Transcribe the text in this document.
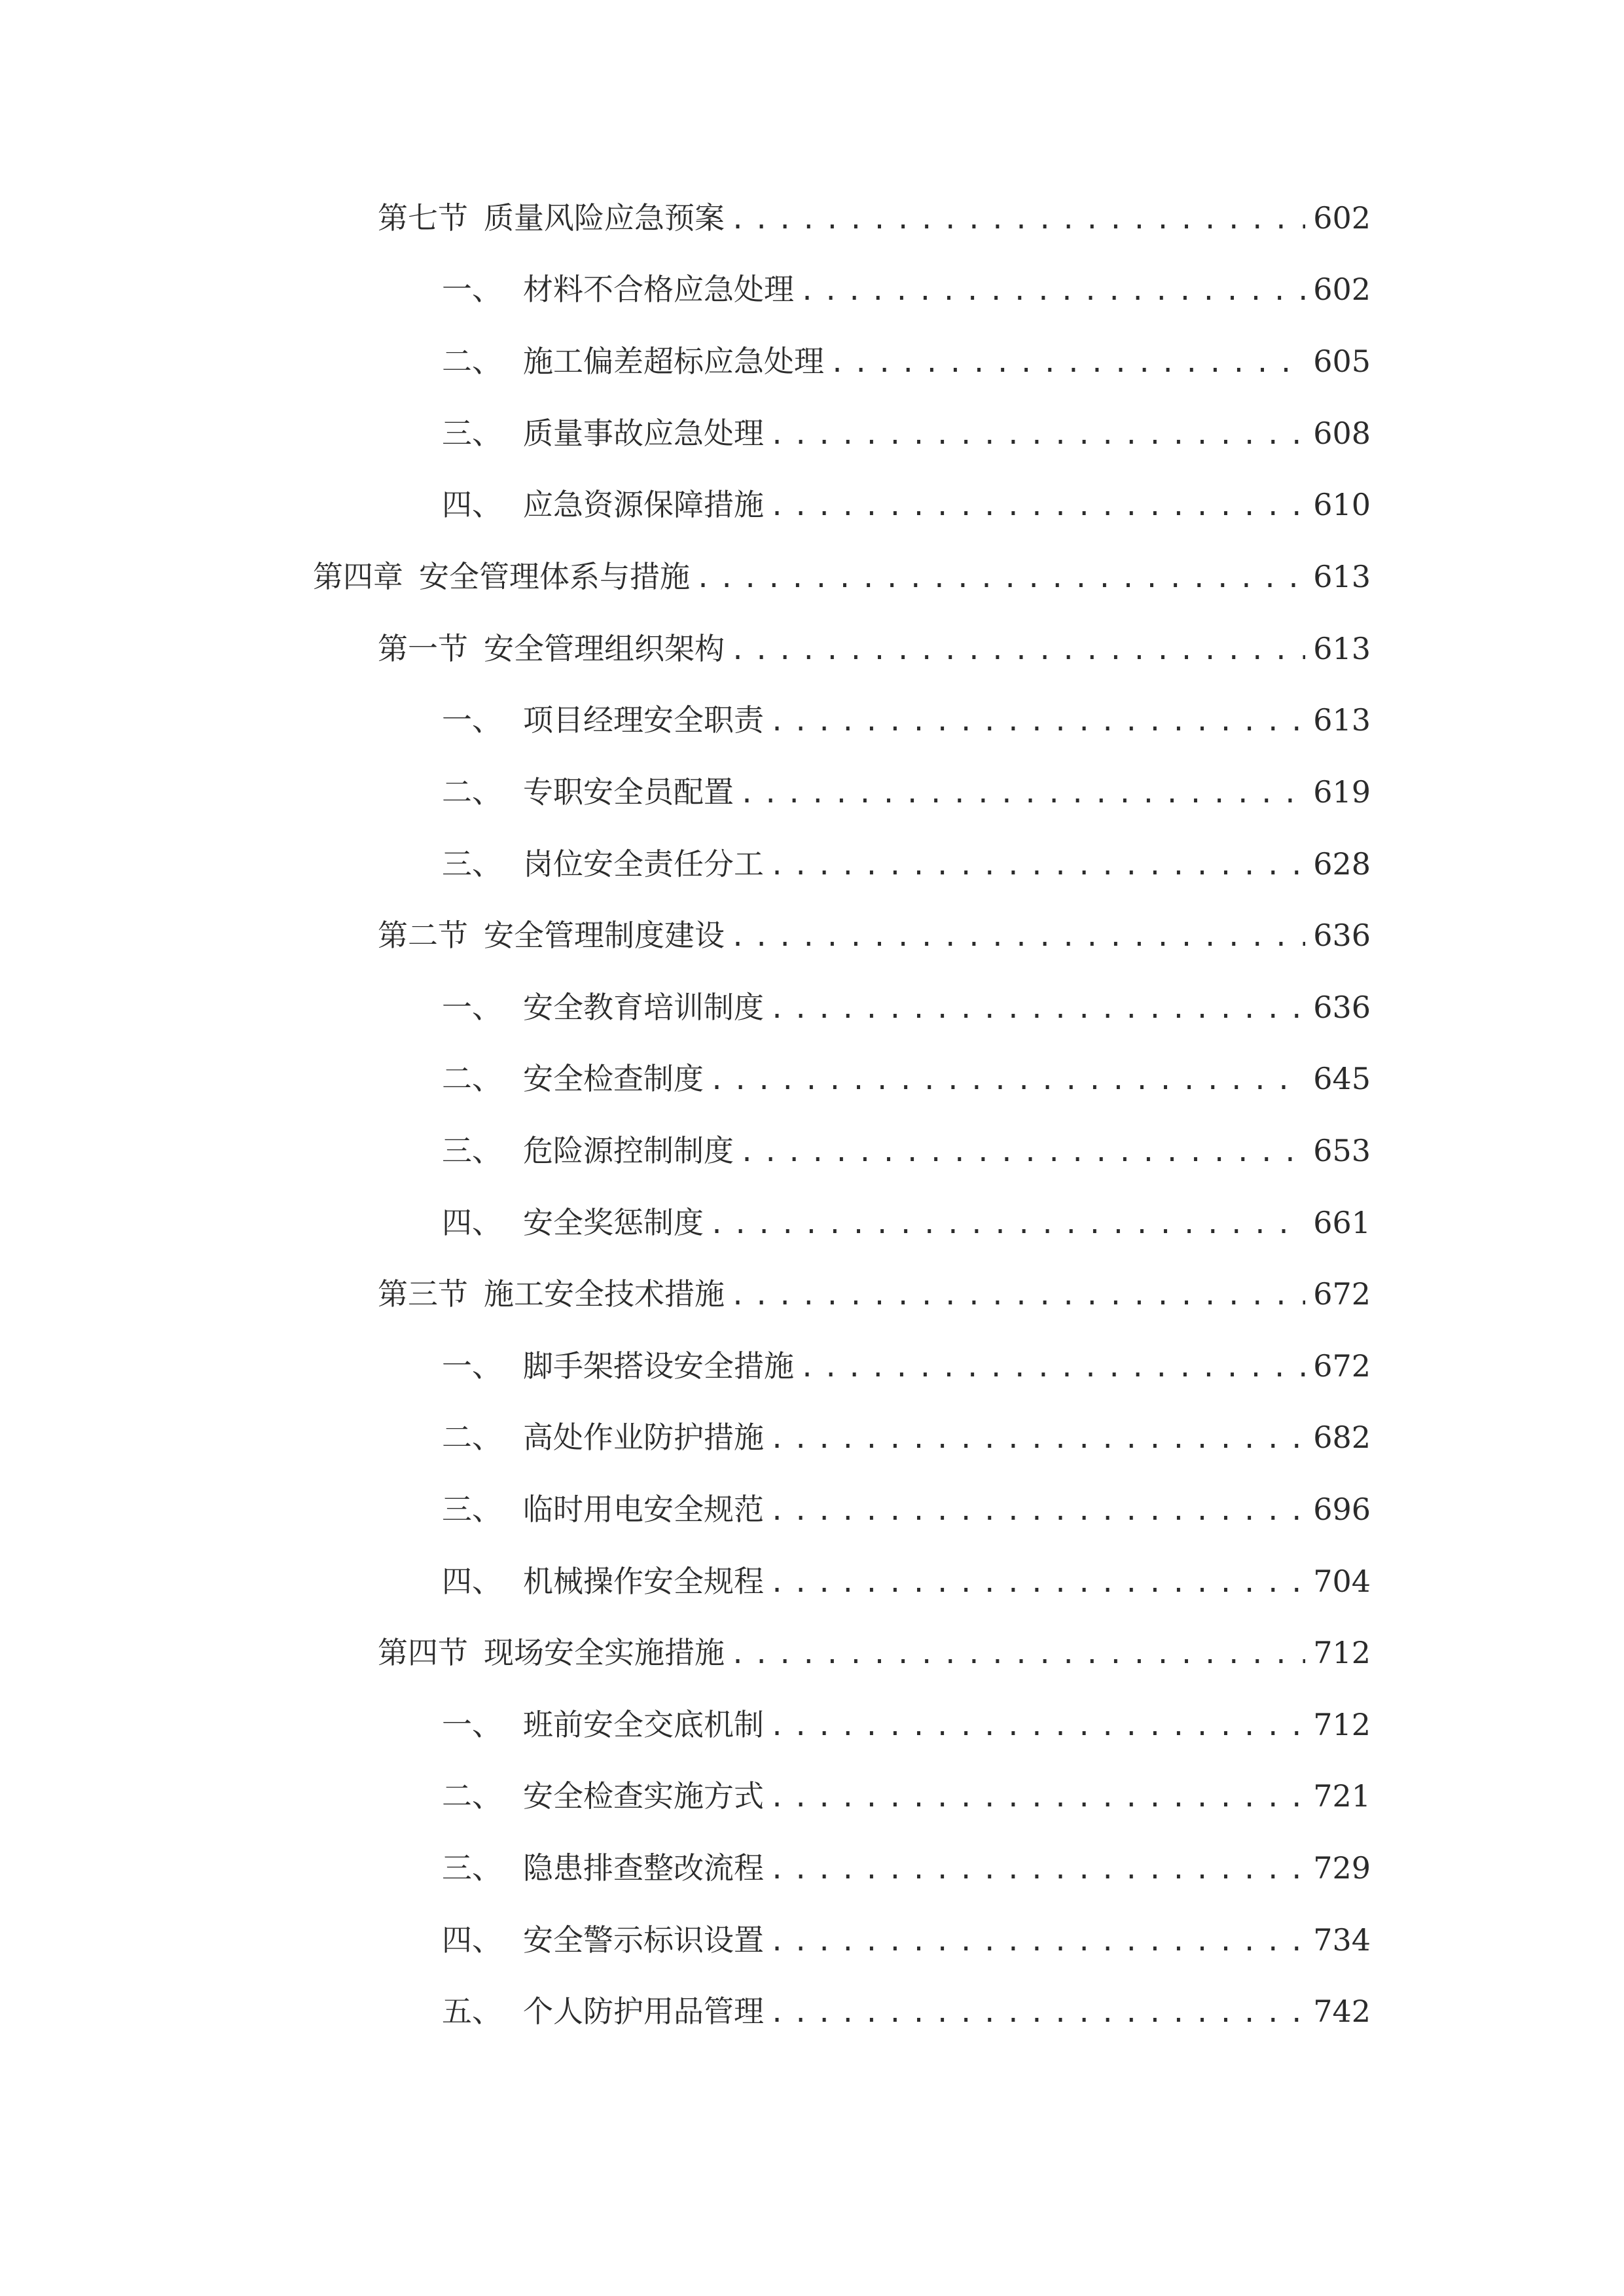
第七节 质量风险应急预案 .....	602
一、 材料不合格应急处理 .....	602
二、 施工偏差超标应急处理 .....	605
三、 质量事故应急处理 .....	608
四、 应急资源保障措施 .....	610
第四章 安全管理体系与措施 .....	613
第一节 安全管理组织架构 .....	613
一、 项目经理安全职责 .....	613
二、 专职安全员配置 .....	619
三、 岗位安全责任分工 .....	628
第二节 安全管理制度建设 .....	636
一、 安全教育培训制度 .....	636
二、 安全检查制度 .....	645
三、 危险源控制制度 .....	653
四、 安全奖惩制度 .....	661
第三节 施工安全技术措施 .....	672
一、 脚手架搭设安全措施 .....	672
二、 高处作业防护措施 .....	682
三、 临时用电安全规范 .....	696
四、 机械操作安全规程 .....	704
第四节 现场安全实施措施 .....	712
一、 班前安全交底机制 .....	712
二、 安全检查实施方式 .....	721
三、 隐患排查整改流程 .....	729
四、 安全警示标识设置 .....	734
五、 个人防护用品管理 .....	742
